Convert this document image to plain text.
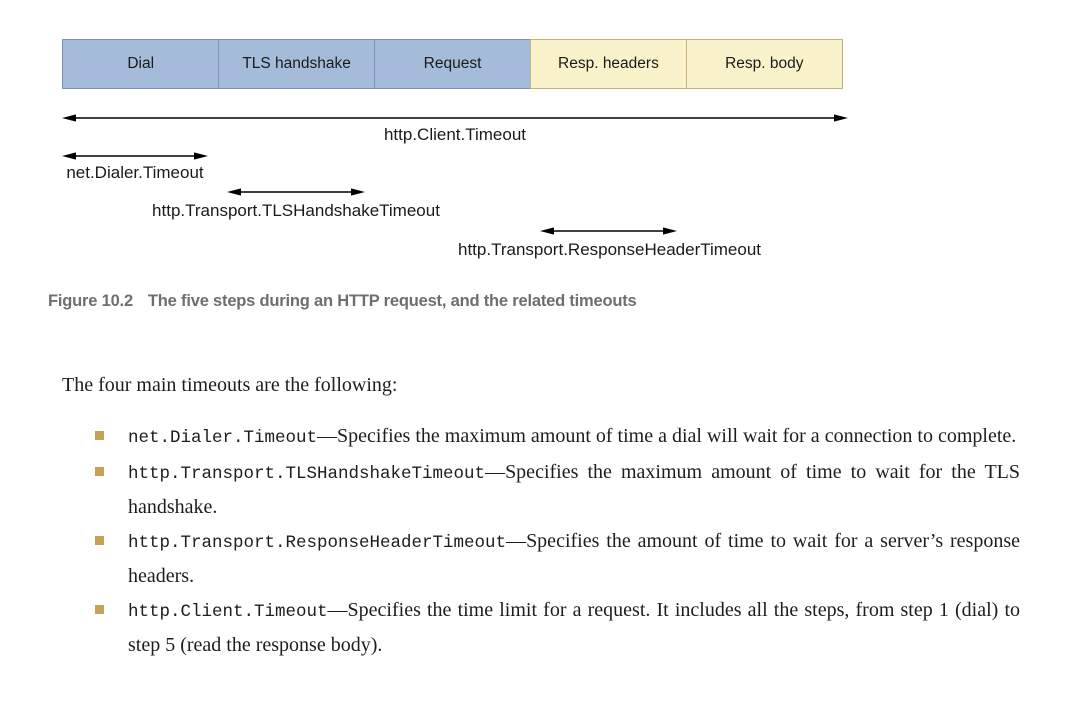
Dial	TLS handshake	Request	Resp. headers	Resp. body
http.Client.Timeout
net.Dialer.Timeout
http.Transport.TLSHandshakeTimeout
http.Transport.ResponseHeaderTimeout
Figure 10.2 The five steps during an HTTP request, and the related timeouts

The four main timeouts are the following:

net.Dialer.Timeout—Specifies the maximum amount of time a dial will wait for a connection to complete.
http.Transport.TLSHandshakeTimeout—Specifies the maximum amount of time to wait for the TLS handshake.
http.Transport.ResponseHeaderTimeout—Specifies the amount of time to wait for a server’s response headers.
http.Client.Timeout—Specifies the time limit for a request. It includes all the steps, from step 1 (dial) to step 5 (read the response body).
